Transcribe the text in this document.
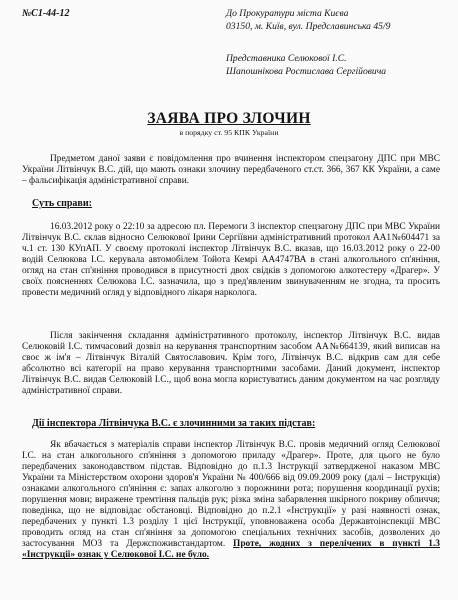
№С1-44-12	До Прокуратури міста Києва

03150, м. Київ, вул. Предславинська 45/9

Представника Селюкової І.С.

Шапошнікова Ростислава Сергійовича

ЗАЯВА ПРО ЗЛОЧИН

в порядку ст. 95 КПК України

Предметом даної заяви є повідомлення про вчинення інспектором спецзагону ДПС при МВС України Літвінчук В.С. дій, що мають ознаки злочину передбаченого ст.ст. 366, 367 КК України, а саме – фальсифікація адміністративної справи.

Суть справи:

16.03.2012 року о 22:10 за адресою пл. Перемоги 3 інспектор спецзагону ДПС при МВС України Літвінчук В.С. склав відносно Селюкової Ірини Сергіївни адміністративний протокол АА1№604471 за ч.1 ст. 130 КУпАП. У своєму протоколі інспектор Літвінчук В.С. вказав, що 16.03.2012 року о 22-00 водій Селюкова І.С. керувала автомобілем Тойота Кемрі АА4747ВА в стані алкогольного сп'яніння, огляд на стан сп'яніння проводився в присутності двох свідків з допомогою алкотестеру «Драгер». У своїх поясненнях Селюкова І.С. зазначила, що з пред'явленим звинуваченням не згодна, та просить провести медичний огляд у відповідного лікаря нарколога.

Після закінчення складання адміністративного протоколу, інспектор Літвінчук В.С. видав Селюковій І.С. тимчасовий дозвіл на керування транспортним засобом АА№664139, який виписав на своє ж ім'я – Літвінчук Віталій Святославович. Крім того, Літвінчук В.С. відкрив сам для себе абсолютно всі категорії на право керування транспортними засобами. Даний документ, інспектор Літвінчук В.С. видав Селюковій І.С., щоб вона могла користуватись даним документом на час розгляду адміністративної справи.

Дії інспектора Літвінчука В.С. є злочинними за таких підстав:

Як вбачається з матеріалів справи інспектор Літвінчук В.С. провів медичний огляд Селюкової І.С. на стан алкогольного сп'яніння з допомогою приладу «Драгер». Проте, для цього не було передбачених законодавством підстав. Відповідно до п.1.3 Інструкції затвердженої наказом МВС України та Міністерством охорони здоров'я України № 400/666 від 09.09.2009 року (далі – Інструкція) ознаками алкогольного сп'яніння є: запах алкоголю з порожнини рота; порушення координації рухів; порушення мови; виражене тремтіння пальців рук; різка зміна забарвлення шкірного покриву обличчя; поведінка, що не відповідає обстановці. Відповідно до п.2.1 «Інструкції» у разі наявності ознак, передбачених у пункті 1.3 розділу 1 цієї Інструкції, уповноважена особа Державтоінспекції МВС проводить огляд на стан сп'яніння за допомогою спеціальних технічних засобів, дозволених до застосування МОЗ та Держспоживстандартом. Проте, жодних з перелічених в пункті 1.3 «Інструкції» ознак у Селюкової І.С. не було.
